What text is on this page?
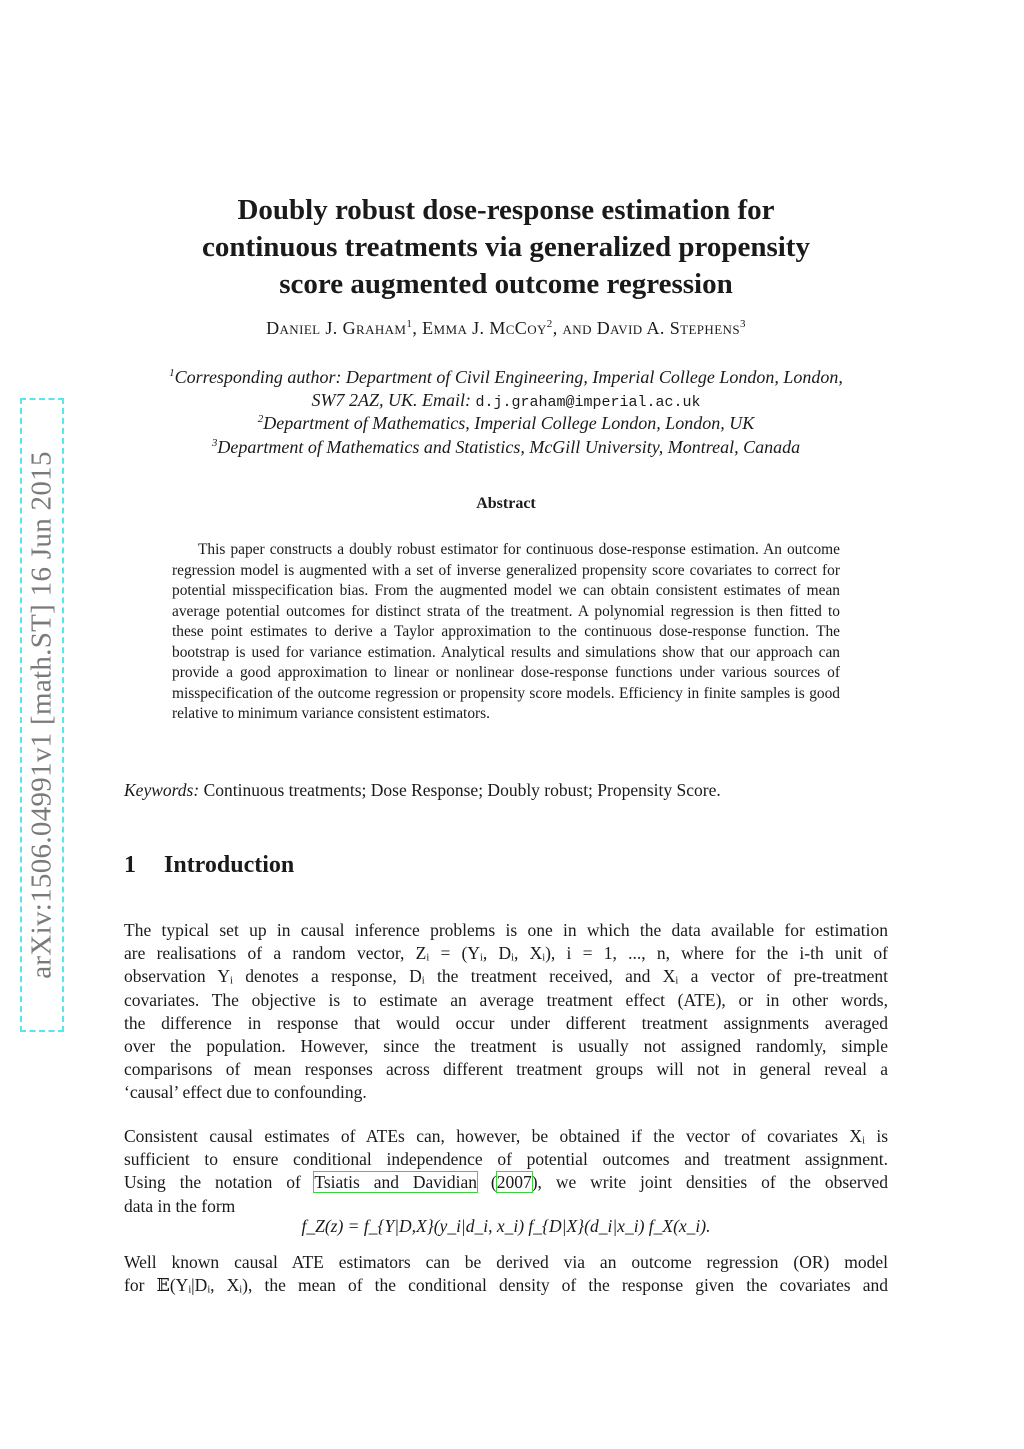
arXiv:1506.04991v1 [math.ST] 16 Jun 2015
Doubly robust dose-response estimation for
continuous treatments via generalized propensity
score augmented outcome regression
Daniel J. Graham$^1$, Emma J. McCoy$^2$, and David A. Stephens$^3$
$^1$Corresponding author: Department of Civil Engineering, Imperial College London, London,
SW7 2AZ, UK. Email: d.j.graham@imperial.ac.uk
$^2$Department of Mathematics, Imperial College London, London, UK
$^3$Department of Mathematics and Statistics, McGill University, Montreal, Canada
Abstract
This paper constructs a doubly robust estimator for continuous dose-response estimation. An outcome regression model is augmented with a set of inverse generalized propensity score covariates to correct for potential misspecification bias. From the augmented model we can obtain consistent estimates of mean average potential outcomes for distinct strata of the treatment. A polynomial regression is then fitted to these point estimates to derive a Taylor approximation to the continuous dose-response function. The bootstrap is used for variance estimation. Analytical results and simulations show that our approach can provide a good approximation to linear or nonlinear dose-response functions under various sources of misspecification of the outcome regression or propensity score models. Efficiency in finite samples is good relative to minimum variance consistent estimators.
Keywords: Continuous treatments; Dose Response; Doubly robust; Propensity Score.
1 Introduction
The typical set up in causal inference problems is one in which the data available for estimation
are realisations of a random vector, Zᵢ = (Yᵢ, Dᵢ, Xᵢ), i = 1, ..., n, where for the i-th unit of
observation Yᵢ denotes a response, Dᵢ the treatment received, and Xᵢ a vector of pre-treatment
covariates. The objective is to estimate an average treatment effect (ATE), or in other words,
the difference in response that would occur under different treatment assignments averaged
over the population. However, since the treatment is usually not assigned randomly, simple
comparisons of mean responses across different treatment groups will not in general reveal a
‘causal’ effect due to confounding.
Consistent causal estimates of ATEs can, however, be obtained if the vector of covariates Xᵢ is
sufficient to ensure conditional independence of potential outcomes and treatment assignment.
Using the notation of Tsiatis and Davidian (2007), we write joint densities of the observed
data in the form
f_Z(z) = f_{Y|D,X}(y_i|d_i, x_i) f_{D|X}(d_i|x_i) f_X(x_i).
Well known causal ATE estimators can be derived via an outcome regression (OR) model
for 𝔼(Yᵢ|Dᵢ, Xᵢ), the mean of the conditional density of the response given the covariates and
